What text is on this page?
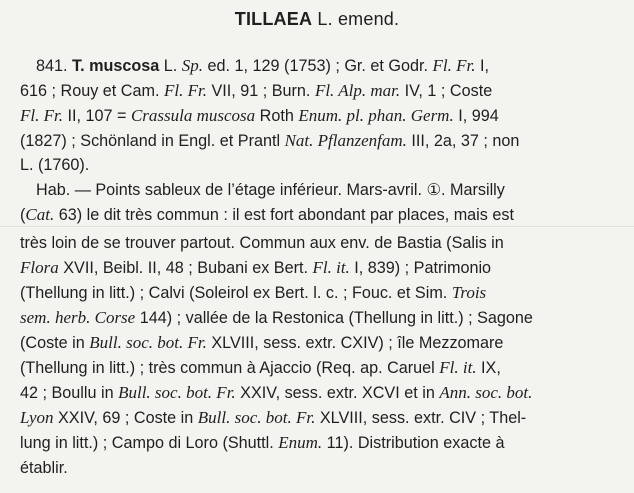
TILLAEA L. emend.
841. T. muscosa L. Sp. ed. 1, 129 (1753) ; Gr. et Godr. Fl. Fr. I,
616 ; Rouy et Cam. Fl. Fr. VII, 91 ; Burn. Fl. Alp. mar. IV, 1 ; Coste
Fl. Fr. II, 107 = Crassula muscosa Roth Enum. pl. phan. Germ. I, 994
(1827) ; Schönland in Engl. et Prantl Nat. Pflanzenfam. III, 2a, 37 ; non
L. (1760).
Hab. — Points sableux de l’étage inférieur. Mars-avril. ①. Marsilly
(Cat. 63) le dit très commun : il est fort abondant par places, mais est
très loin de se trouver partout. Commun aux env. de Bastia (Salis in
Flora XVII, Beibl. II, 48 ; Bubani ex Bert. Fl. it. I, 839) ; Patrimonio
(Thellung in litt.) ; Calvi (Soleirol ex Bert. l. c. ; Fouc. et Sim. Trois
sem. herb. Corse 144) ; vallée de la Restonica (Thellung in litt.) ; Sagone
(Coste in Bull. soc. bot. Fr. XLVIII, sess. extr. CXIV) ; île Mezzomare
(Thellung in litt.) ; très commun à Ajaccio (Req. ap. Caruel Fl. it. IX,
42 ; Boullu in Bull. soc. bot. Fr. XXIV, sess. extr. XCVI et in Ann. soc. bot.
Lyon XXIV, 69 ; Coste in Bull. soc. bot. Fr. XLVIII, sess. extr. CIV ; Thel-
lung in litt.) ; Campo di Loro (Shuttl. Enum. 11). Distribution exacte à
établir.
